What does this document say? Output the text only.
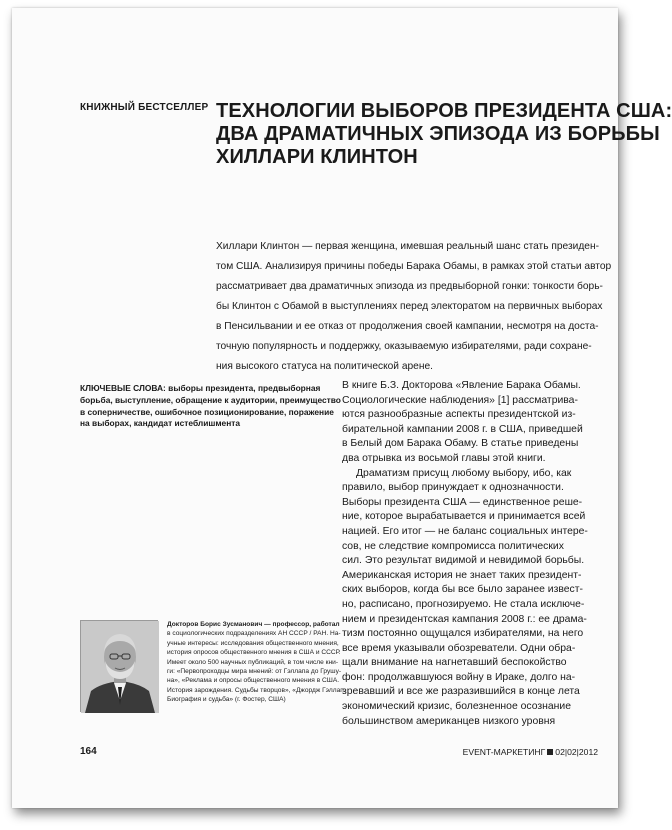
КНИЖНЫЙ БЕСТСЕЛЛЕР ТЕХНОЛОГИИ ВЫБОРОВ ПРЕЗИДЕНТА США:
ДВА ДРАМАТИЧНЫХ ЭПИЗОДА ИЗ БОРЬБЫ
ХИЛЛАРИ КЛИНТОН
Хиллари Клинтон — первая женщина, имевшая реальный шанс стать президен-
том США. Анализируя причины победы Барака Обамы, в рамках этой статьи автор
рассматривает два драматичных эпизода из предвыборной гонки: тонкости борь-
бы Клинтон с Обамой в выступлениях перед электоратом на первичных выборах
в Пенсильвании и ее отказ от продолжения своей кампании, несмотря на доста-
точную популярность и поддержку, оказываемую избирателями, ради сохране-
ния высокого статуса на политической арене.
КЛЮЧЕВЫЕ СЛОВА: выборы президента, предвыборная
борьба, выступление, обращение к аудитории, преимущество
в соперничестве, ошибочное позиционирование, поражение
на выборах, кандидат истеблишмента
В книге Б.З. Докторова «Явление Барака Обамы.
Социологические наблюдения» [1] рассматрива-
ются разнообразные аспекты президентской из-
бирательной кампании 2008 г. в США, приведшей
в Белый дом Барака Обаму. В статье приведены
два отрывка из восьмой главы этой книги.
Драматизм присущ любому выбору, ибо, как
правило, выбор принуждает к однозначности.
Выборы президента США — единственное реше-
ние, которое вырабатывается и принимается всей
нацией. Его итог — не баланс социальных интере-
сов, не следствие компромисса политических
сил. Это результат видимой и невидимой борьбы.
Американская история не знает таких президент-
ских выборов, когда бы все было заранее извест-
но, расписано, прогнозируемо. Не стала исключе-
нием и президентская кампания 2008 г.: ее драма-
тизм постоянно ощущался избирателями, на него
все время указывали обозреватели. Одни обра-
щали внимание на нагнетавший беспокойство
фон: продолжавшуюся войну в Ираке, долго на-
зревавший и все же разразившийся в конце лета
экономический кризис, болезненное осознание
большинством американцев низкого уровня
Докторов Борис Зусманович — профессор, работал
в социологических подразделениях АН СССР / РАН. На-
учные интересы: исследования общественного мнения,
история опросов общественного мнения в США и СССР.
Имеет около 500 научных публикаций, в том числе кни-
ги: «Первопроходцы мира мнений: от Гэллапа до Грушу-
на», «Реклама и опросы общественного мнения в США.
История зарождения. Судьбы творцов», «Джордж Гэллап.
Биография и судьба» (г. Фостер, США)
164	EVENT-МАРКЕТИНГ 02|02|2012
